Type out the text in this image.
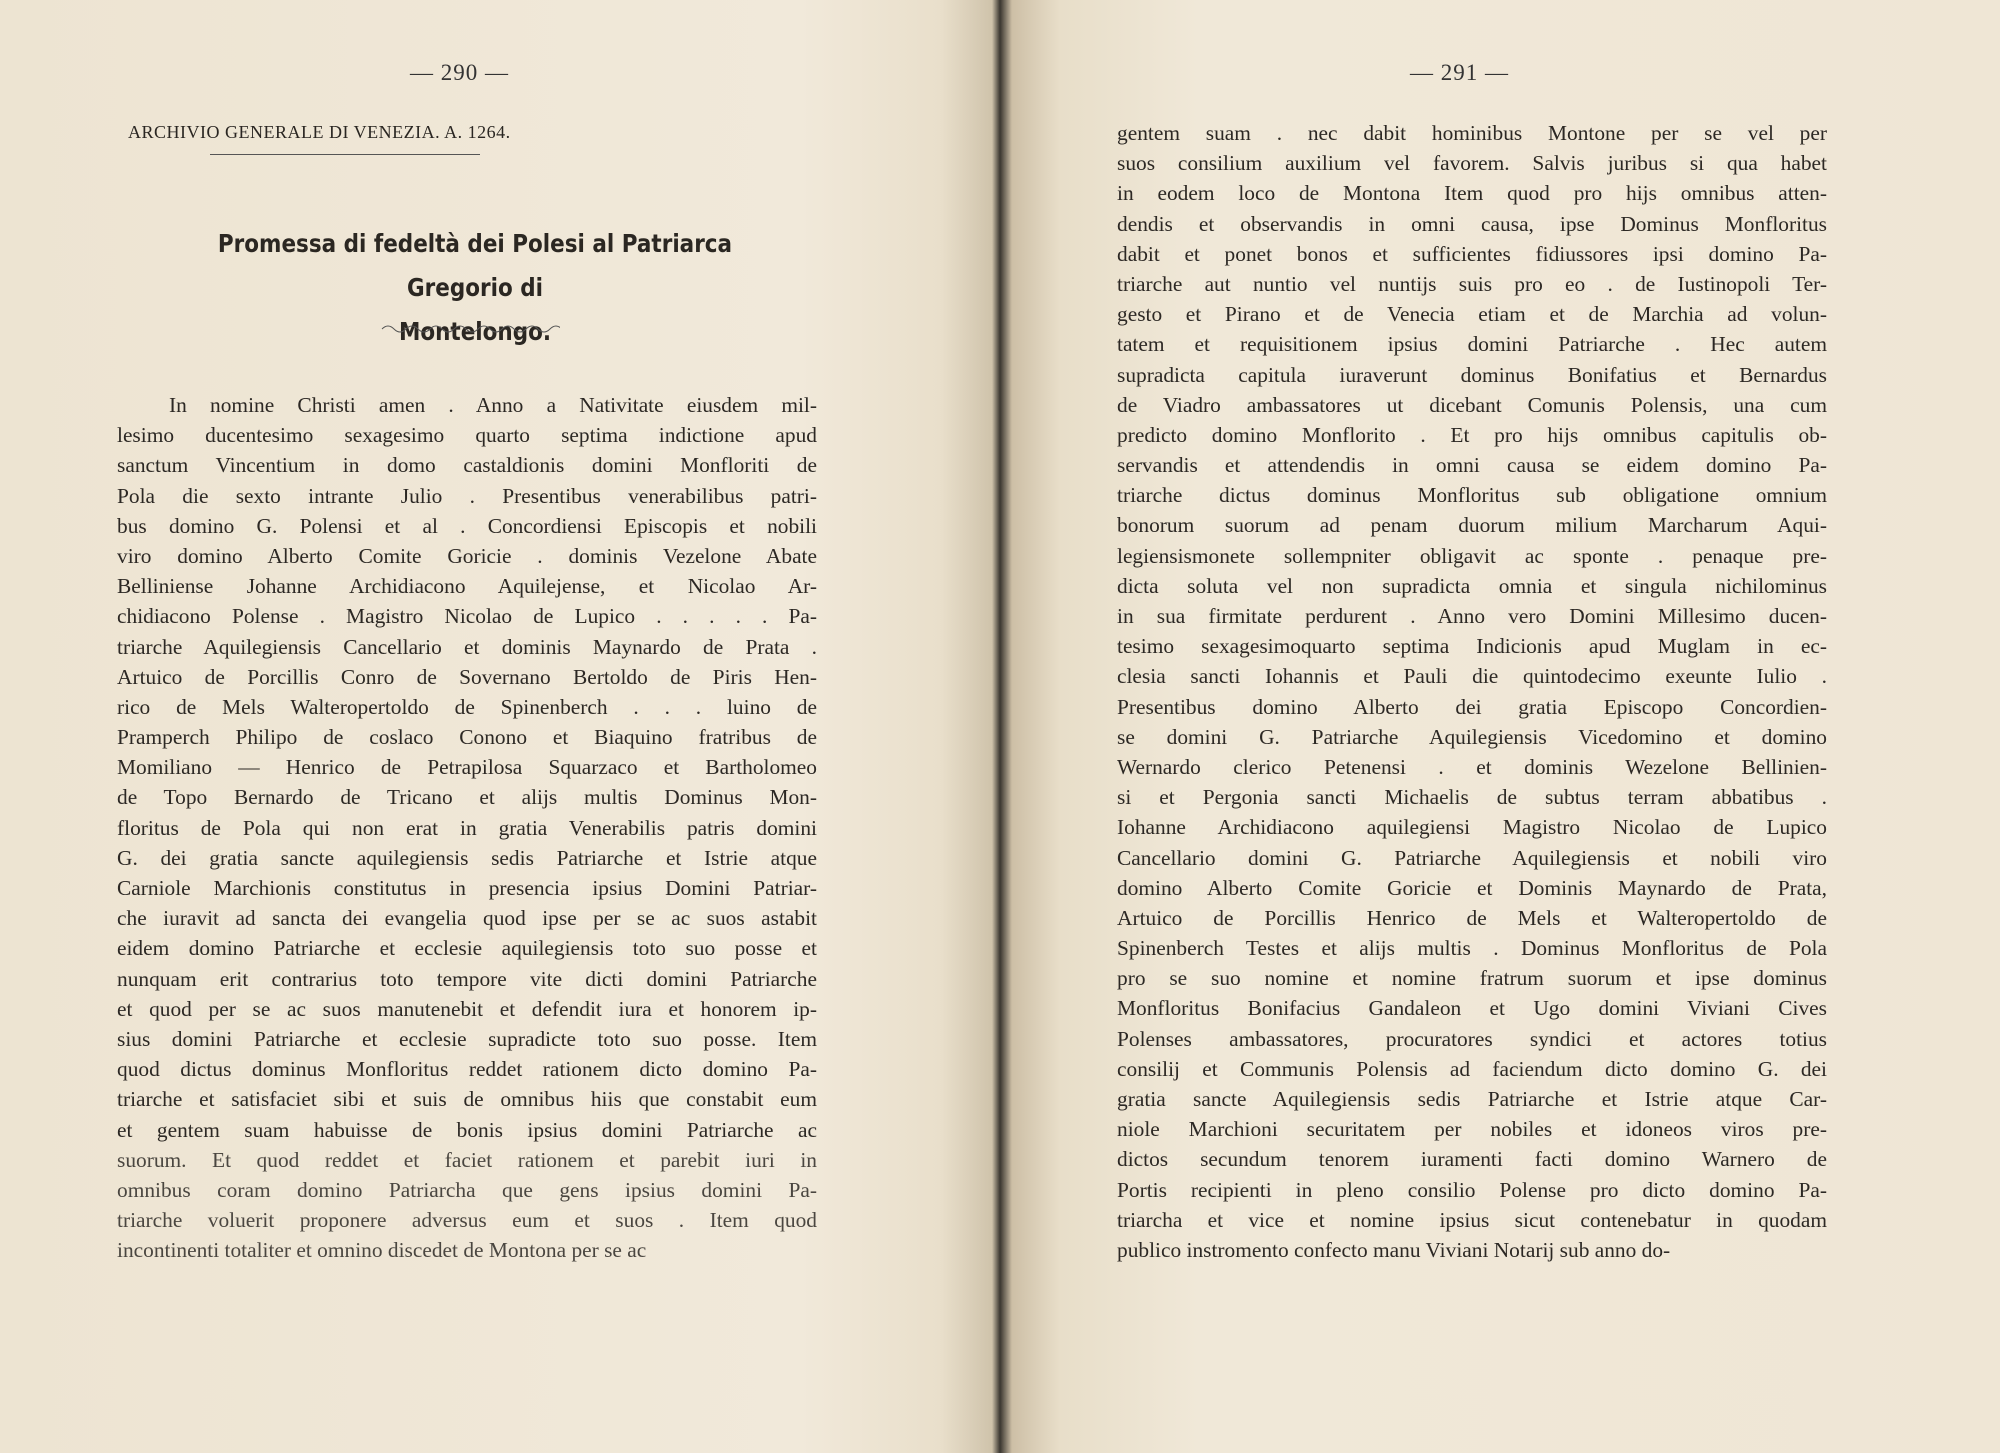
— 290 —
ARCHIVIO GENERALE DI VENEZIA. A. 1264.
Promessa di fedeltà dei Polesi al Patriarca Gregorio di
Montelongo.
In nomine Christi amen . Anno a Nativitate eiusdem mil-
lesimo ducentesimo sexagesimo quarto septima indictione apud
sanctum Vincentium in domo castaldionis domini Monfloriti de
Pola die sexto intrante Julio . Presentibus venerabilibus patri-
bus domino G. Polensi et al . Concordiensi Episcopis et nobili
viro domino Alberto Comite Goricie . dominis Vezelone Abate
Belliniense Johanne Archidiacono Aquilejense, et Nicolao Ar-
chidiacono Polense . Magistro Nicolao de Lupico . . . . . Pa-
triarche Aquilegiensis Cancellario et dominis Maynardo de Prata .
Artuico de Porcillis Conro de Sovernano Bertoldo de Piris Hen-
rico de Mels Walteropertoldo de Spinenberch . . . luino de
Pramperch Philipo de coslaco Conono et Biaquino fratribus de
Momiliano — Henrico de Petrapilosa Squarzaco et Bartholomeo
de Topo Bernardo de Tricano et alijs multis Dominus Mon-
floritus de Pola qui non erat in gratia Venerabilis patris domini
G. dei gratia sancte aquilegiensis sedis Patriarche et Istrie atque
Carniole Marchionis constitutus in presencia ipsius Domini Patriar-
che iuravit ad sancta dei evangelia quod ipse per se ac suos astabit
eidem domino Patriarche et ecclesie aquilegiensis toto suo posse et
nunquam erit contrarius toto tempore vite dicti domini Patriarche
et quod per se ac suos manutenebit et defendit iura et honorem ip-
sius domini Patriarche et ecclesie supradicte toto suo posse. Item
quod dictus dominus Monfloritus reddet rationem dicto domino Pa-
triarche et satisfaciet sibi et suis de omnibus hiis que constabit eum
et gentem suam habuisse de bonis ipsius domini Patriarche ac
suorum. Et quod reddet et faciet rationem et parebit iuri in
omnibus coram domino Patriarcha que gens ipsius domini Pa-
triarche voluerit proponere adversus eum et suos . Item quod
incontinenti totaliter et omnino discedet de Montona per se ac
— 291 —
gentem suam . nec dabit hominibus Montone per se vel per
suos consilium auxilium vel favorem. Salvis juribus si qua habet
in eodem loco de Montona Item quod pro hijs omnibus atten-
dendis et observandis in omni causa, ipse Dominus Monfloritus
dabit et ponet bonos et sufficientes fidiussores ipsi domino Pa-
triarche aut nuntio vel nuntijs suis pro eo . de Iustinopoli Ter-
gesto et Pirano et de Venecia etiam et de Marchia ad volun-
tatem et requisitionem ipsius domini Patriarche . Hec autem
supradicta capitula iuraverunt dominus Bonifatius et Bernardus
de Viadro ambassatores ut dicebant Comunis Polensis, una cum
predicto domino Monflorito . Et pro hijs omnibus capitulis ob-
servandis et attendendis in omni causa se eidem domino Pa-
triarche dictus dominus Monfloritus sub obligatione omnium
bonorum suorum ad penam duorum milium Marcharum Aqui-
legiensismonete sollempniter obligavit ac sponte . penaque pre-
dicta soluta vel non supradicta omnia et singula nichilominus
in sua firmitate perdurent . Anno vero Domini Millesimo ducen-
tesimo sexagesimoquarto septima Indicionis apud Muglam in ec-
clesia sancti Iohannis et Pauli die quintodecimo exeunte Iulio .
Presentibus domino Alberto dei gratia Episcopo Concordien-
se domini G. Patriarche Aquilegiensis Vicedomino et domino
Wernardo clerico Petenensi . et dominis Wezelone Bellinien-
si et Pergonia sancti Michaelis de subtus terram abbatibus .
Iohanne Archidiacono aquilegiensi Magistro Nicolao de Lupico
Cancellario domini G. Patriarche Aquilegiensis et nobili viro
domino Alberto Comite Goricie et Dominis Maynardo de Prata,
Artuico de Porcillis Henrico de Mels et Walteropertoldo de
Spinenberch Testes et alijs multis . Dominus Monfloritus de Pola
pro se suo nomine et nomine fratrum suorum et ipse dominus
Monfloritus Bonifacius Gandaleon et Ugo domini Viviani Cives
Polenses ambassatores, procuratores syndici et actores totius
consilij et Communis Polensis ad faciendum dicto domino G. dei
gratia sancte Aquilegiensis sedis Patriarche et Istrie atque Car-
niole Marchioni securitatem per nobiles et idoneos viros pre-
dictos secundum tenorem iuramenti facti domino Warnero de
Portis recipienti in pleno consilio Polense pro dicto domino Pa-
triarcha et vice et nomine ipsius sicut contenebatur in quodam
publico instromento confecto manu Viviani Notarij sub anno do-
